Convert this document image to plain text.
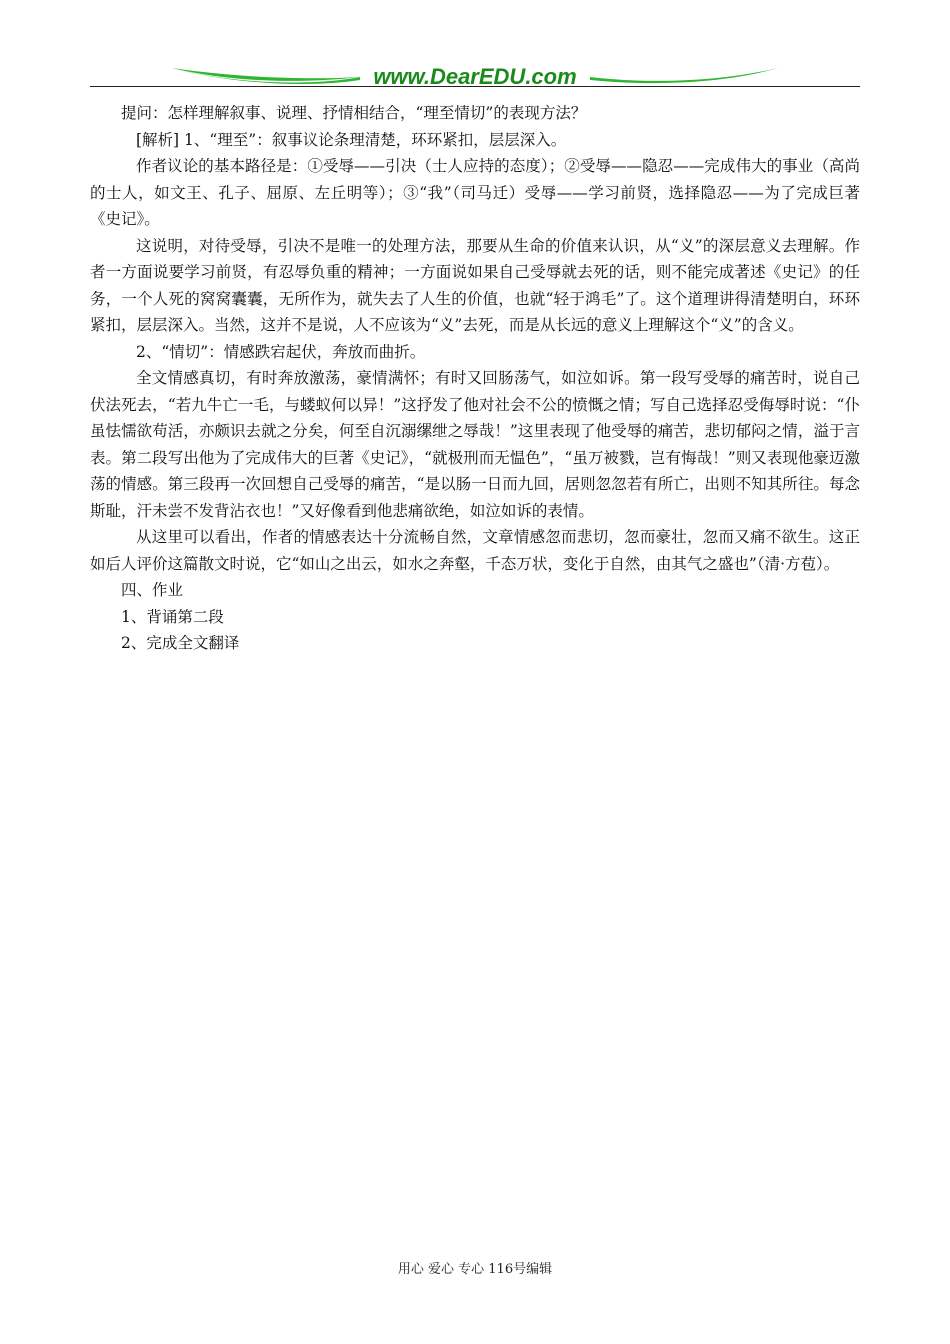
www.DearEDU.com

提问：怎样理解叙事、说理、抒情相结合，“理至情切”的表现方法？

[解析] 1、“理至”：叙事议论条理清楚，环环紧扣，层层深入。

作者议论的基本路径是：①受辱——引决（士人应持的态度）；②受辱——隐忍——完成伟大的事业（高尚的士人，如文王、孔子、屈原、左丘明等）；③“我”（司马迁）受辱——学习前贤，选择隐忍——为了完成巨著《史记》。

这说明，对待受辱，引决不是唯一的处理方法，那要从生命的价值来认识，从“义”的深层意义去理解。作者一方面说要学习前贤，有忍辱负重的精神；一方面说如果自己受辱就去死的话，则不能完成著述《史记》的任务，一个人死的窝窝囊囊，无所作为，就失去了人生的价值，也就“轻于鸿毛”了。这个道理讲得清楚明白，环环紧扣，层层深入。当然，这并不是说，人不应该为“义”去死，而是从长远的意义上理解这个“义”的含义。

2、“情切”：情感跌宕起伏，奔放而曲折。

全文情感真切，有时奔放激荡，豪情满怀；有时又回肠荡气，如泣如诉。第一段写受辱的痛苦时，说自己伏法死去，“若九牛亡一毛，与蝼蚁何以异！”这抒发了他对社会不公的愤慨之情；写自己选择忍受侮辱时说：“仆虽怯懦欲苟活，亦颇识去就之分矣，何至自沉溺缧绁之辱哉！”这里表现了他受辱的痛苦，悲切郁闷之情，溢于言表。第二段写出他为了完成伟大的巨著《史记》，“就极刑而无愠色”，“虽万被戮，岂有悔哉！”则又表现他豪迈激荡的情感。第三段再一次回想自己受辱的痛苦，“是以肠一日而九回，居则忽忽若有所亡，出则不知其所往。每念斯耻，汗未尝不发背沾衣也！”又好像看到他悲痛欲绝，如泣如诉的表情。

从这里可以看出，作者的情感表达十分流畅自然，文章情感忽而悲切，忽而豪壮，忽而又痛不欲生。这正如后人评价这篇散文时说，它“如山之出云，如水之奔壑，千态万状，变化于自然，由其气之盛也”（清·方苞）。

四、作业

1、背诵第二段

2、完成全文翻译

用心 爱心 专心 116号编辑
